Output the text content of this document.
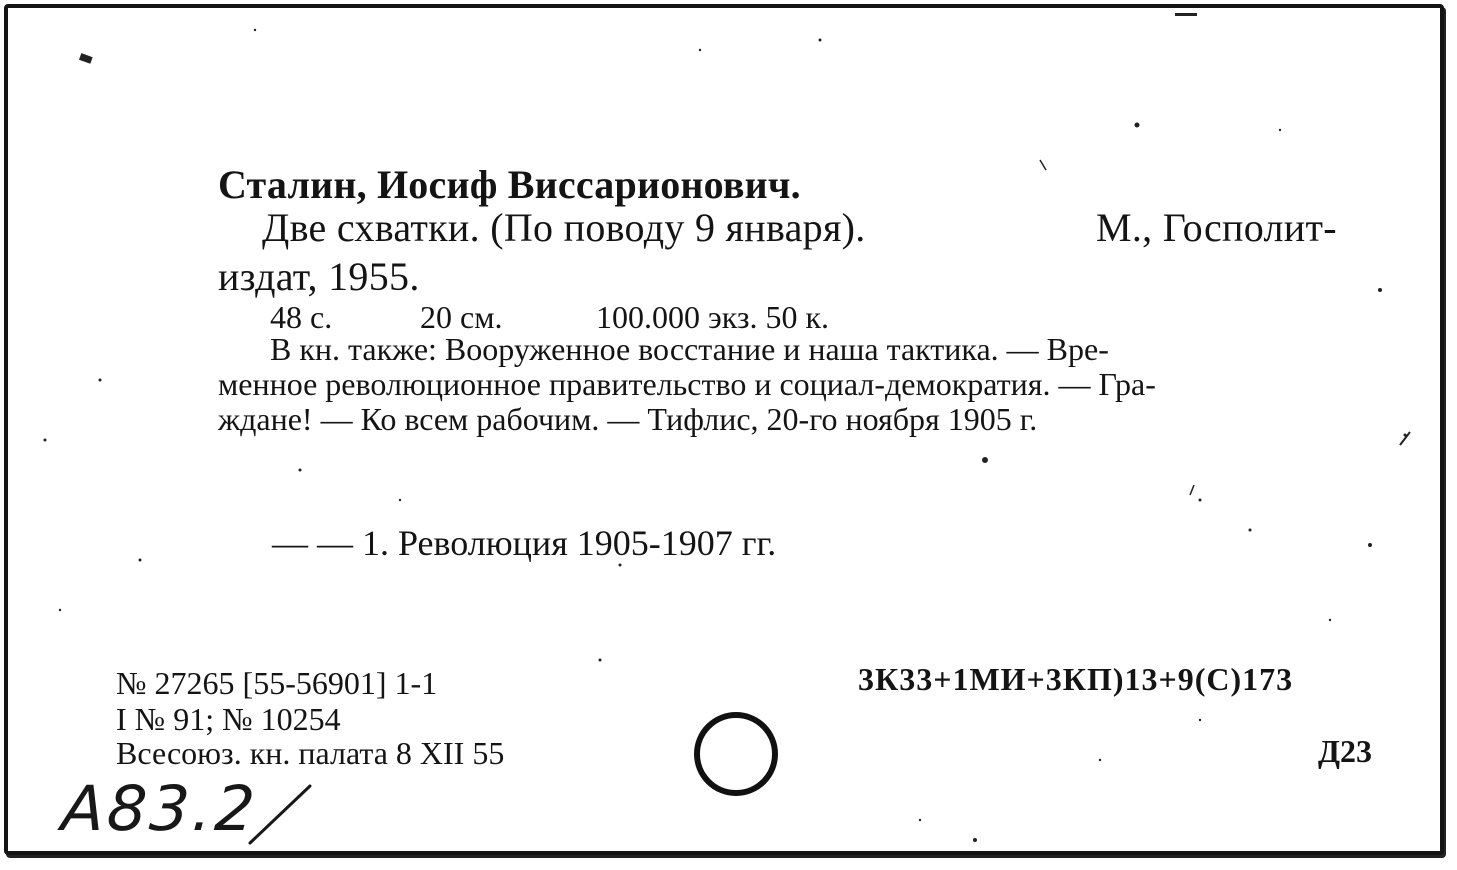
Сталин, Иосиф Виссарионович.
Две схватки. (По поводу 9 января).	М., Госполит-
издат, 1955.
48 с.	20 см.	100.000 экз. 50 к.
В кн. также: Вооруженное восстание и наша тактика. — Вре-
менное революционное правительство и социал-демократия. — Гра-
ждане! — Ко всем рабочим. — Тифлис, 20-го ноября 1905 г.
— — 1. Революция 1905-1907 гг.
№ 27265 [55-56901] 1-1
I № 91; № 10254
Всесоюз. кн. палата 8 XII 55
3К33+1МИ+3КП)13+9(С)173
Д23
А83.2
